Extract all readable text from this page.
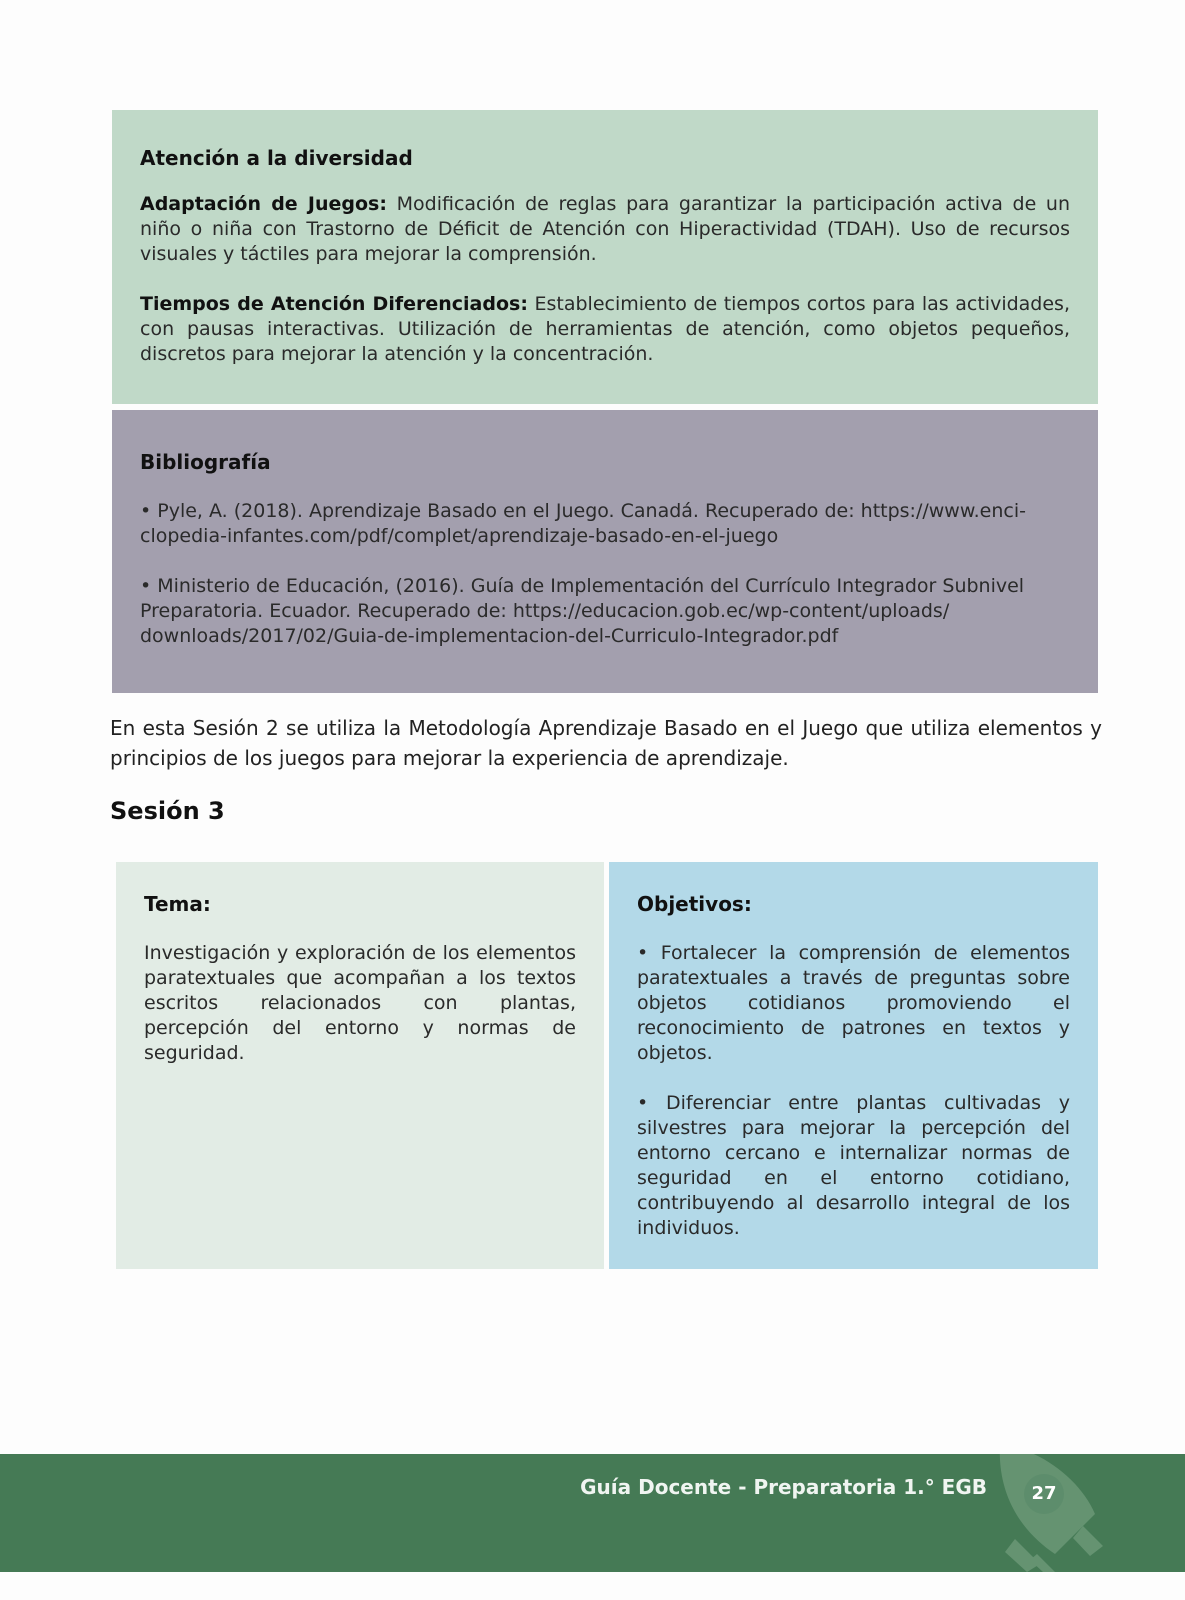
Atención a la diversidad

Adaptación de Juegos: Modificación de reglas para garantizar la participación activa de un niño o niña con Trastorno de Déficit de Atención con Hiperactividad (TDAH). Uso de recursos visuales y táctiles para mejorar la comprensión.

Tiempos de Atención Diferenciados: Establecimiento de tiempos cortos para las actividades, con pausas interactivas. Utilización de herramientas de atención, como objetos pequeños, discretos para mejorar la atención y la concentración.

Bibliografía

• Pyle, A. (2018). Aprendizaje Basado en el Juego. Canadá. Recuperado de: https://www.enci-clopedia-infantes.com/pdf/complet/aprendizaje-basado-en-el-juego

• Ministerio de Educación, (2016). Guía de Implementación del Currículo Integrador Subnivel Preparatoria. Ecuador. Recuperado de: https://educacion.gob.ec/wp-content/uploads/ downloads/2017/02/Guia-de-implementacion-del-Curriculo-Integrador.pdf

En esta Sesión 2 se utiliza la Metodología Aprendizaje Basado en el Juego que utiliza elementos y principios de los juegos para mejorar la experiencia de aprendizaje.

Sesión 3

Tema:

Investigación y exploración de los elementos paratextuales que acompañan a los textos escritos relacionados con plantas, percepción del entorno y normas de seguridad.

Objetivos:

• Fortalecer la comprensión de elementos paratextuales a través de preguntas sobre objetos cotidianos promoviendo el reconocimiento de patrones en textos y objetos.

• Diferenciar entre plantas cultivadas y silvestres para mejorar la percepción del entorno cercano e internalizar normas de seguridad en el entorno cotidiano, contribuyendo al desarrollo integral de los individuos.

Guía Docente - Preparatoria 1.° EGB	27
